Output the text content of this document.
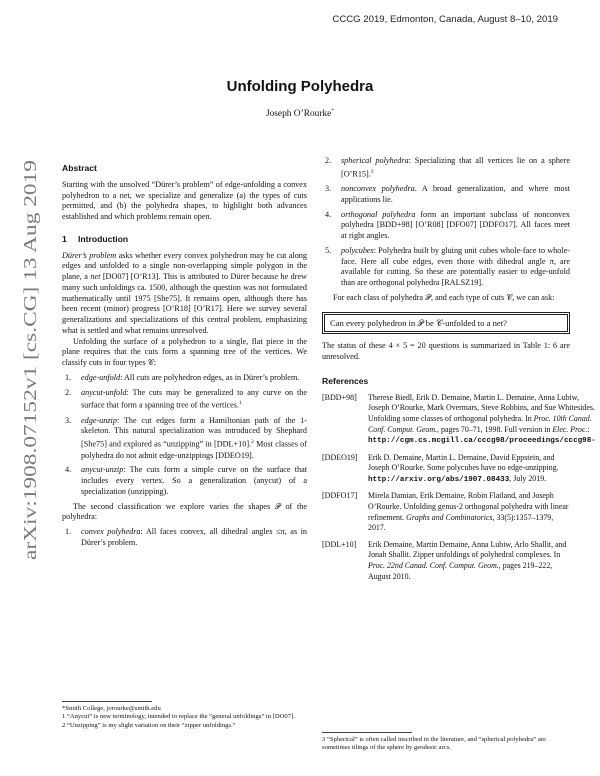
CCCG 2019, Edmonton, Canada, August 8–10, 2019
arXiv:1908.07152v1 [cs.CG] 13 Aug 2019
Unfolding Polyhedra
Joseph O’Rourke*
Abstract

Starting with the unsolved “Dürer’s problem” of edge-unfolding a convex polyhedron to a net, we specialize and generalize (a) the types of cuts permitted, and (b) the polyhedra shapes, to highlight both advances established and which problems remain open.

1 Introduction

Dürer’s problem asks whether every convex polyhedron may be cut along edges and unfolded to a single non-overlapping simple polygon in the plane, a net [DO07] [O’R13]. This is attributed to Dürer because he drew many such unfoldings ca. 1500, although the question was not formulated mathematically until 1975 [She75]. It remains open, although there has been recent (minor) progress [O’R18] [O’R17]. Here we survey several generalizations and specializations of this central problem, emphasizing what is settled and what remains unresolved.

Unfolding the surface of a polyhedron to a single, flat piece in the plane requires that the cuts form a spanning tree of the vertices. We classify cuts in four types 𝒞:

1. edge-unfold: All cuts are polyhedron edges, as in Dürer’s problem.
2. anycut-unfold: The cuts may be generalized to any curve on the surface that form a spanning tree of the vertices.$^1$
3. edge-unzip: The cut edges form a Hamiltonian path of the 1-skeleton. This natural specialization was introduced by Shephard [She75] and explored as “unzipping” in [DDL+10].$^2$ Most classes of polyhedra do not admit edge-unzippings [DDEO19].
4. anycut-unzip: The cuts form a simple curve on the surface that includes every vertex. So a generalization (anycut) of a specialization (unzipping).

The second classification we explore varies the shapes 𝒫 of the polyhedra:

1. convex polyhedra: All faces convex, all dihedral angles ≤π, as in Dürer’s problem.
*Smith College, jorourke@smith.edu
1 “Anycut” is new terminology, intended to replace the “general unfoldings” in [DO07].
2 “Unzipping” is my slight variation on their “zipper unfoldings.”
2. spherical polyhedra: Specializing that all vertices lie on a sphere [O’R15].$^3$
3. nonconvex polyhedra. A broad generalization, and where most applications lie.
4. orthogonal polyhedra form an important subclass of nonconvex polyhedra [BDD+98] [O’R08] [DFO07] [DDFO17]. All faces meet at right angles.
5. polycubes: Polyhedra built by gluing unit cubes whole-face to whole-face. Here all cube edges, even those with dihedral angle π, are available for cutting. So these are potentially easier to edge-unfold than are orthogonal polyhedra [RALSZ19].

For each class of polyhedra 𝒫, and each type of cuts 𝒞, we can ask:

Can every polyhedron in 𝒫 be 𝒞-unfolded to a net?

The status of these 4 × 5 = 20 questions is summarized in Table 1: 6 are unresolved.

References
[BDD+98]	Therese Biedl, Erik D. Demaine, Martin L. Demaine, Anna Lubiw, Joseph O’Rourke, Mark Overmars, Steve Robbins, and Sue Whitesides. Unfolding some classes of orthogonal polyhedra. In Proc. 10th Canad. Conf. Comput. Geom., pages 70–71, 1998. Full version in Elec. Proc.: http://cgm.cs.mcgill.ca/cccg98/proceedings/cccg98-
[DDEO19]	Erik D. Demaine, Martin L. Demaine, David Eppstein, and Joseph O’Rourke. Some polycubes have no edge-unzipping. http://arxiv.org/abs/1907.08433, July 2019.
[DDFO17]	Mirela Damian, Erik Demaine, Robin Flatland, and Joseph O’Rourke. Unfolding genus-2 orthogonal polyhedra with linear refinement. Graphs and Combinatorics, 33(5):1357–1379, 2017.
[DDL+10]	Erik Demaine, Martin Demaine, Anna Lubiw, Arlo Shallit, and Jonah Shallit. Zipper unfoldings of polyhedral complexes. In Proc. 22nd Canad. Conf. Comput. Geom., pages 219–222, August 2010.
3 “Spherical” is often called inscribed in the literature, and “spherical polyhedra” are sometimes tilings of the sphere by geodesic arcs.
